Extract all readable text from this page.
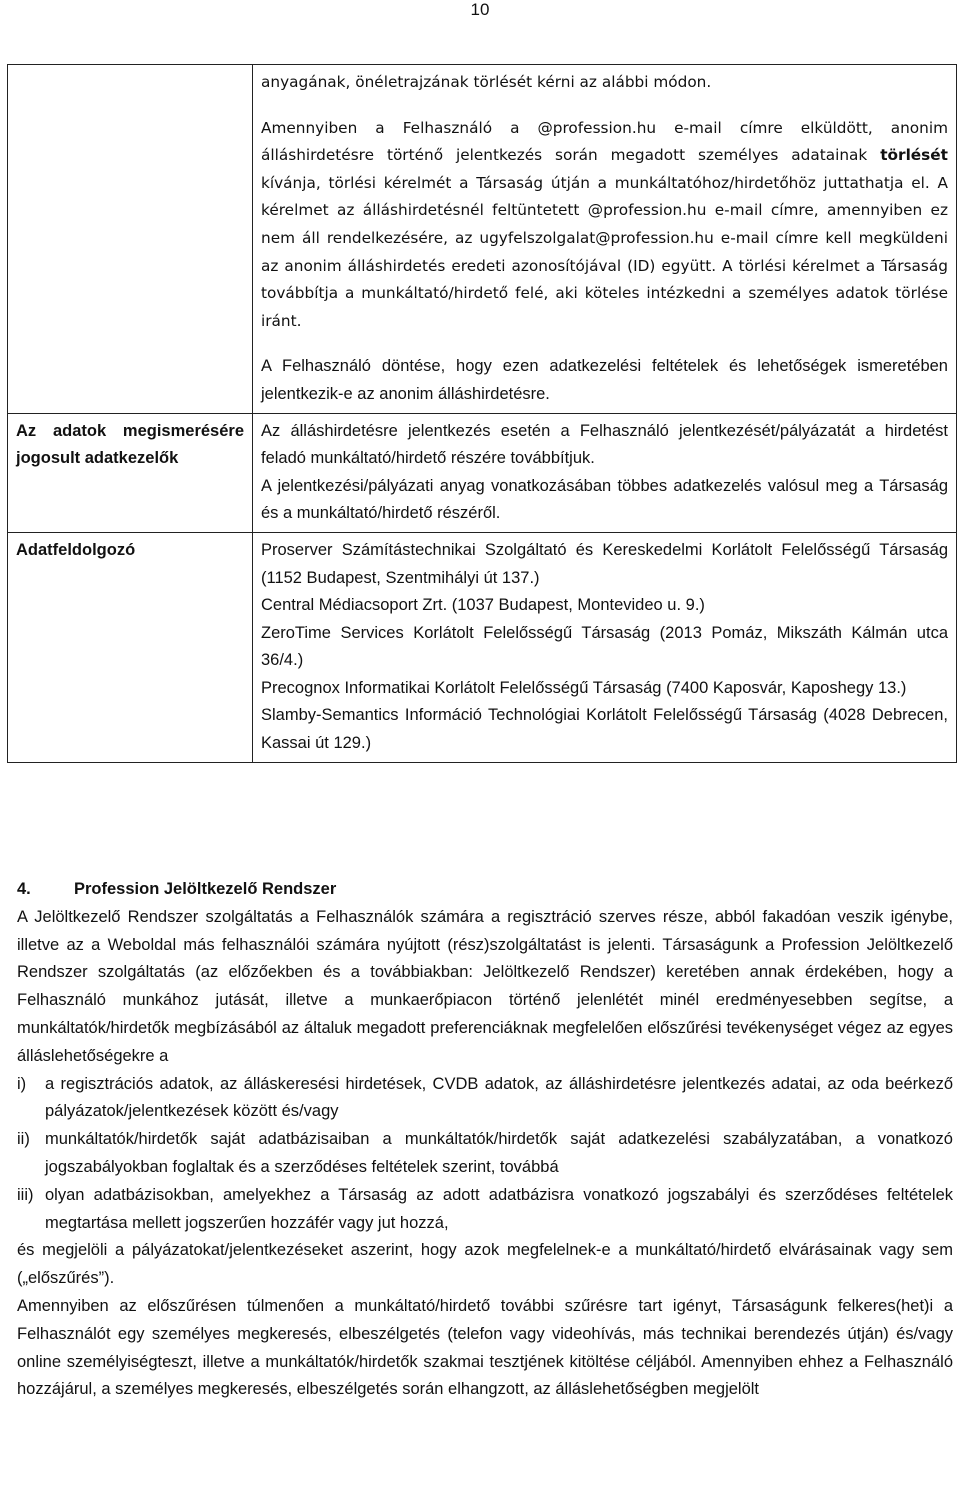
10

	anyagának, önéletrajzának törlését kérni az alábbi módon.

Amennyiben a Felhasználó a @profession.hu e-mail címre elküldött, anonim álláshirdetésre történő jelentkezés során megadott személyes adatainak törlését kívánja, törlési kérelmét a Társaság útján a munkáltatóhoz/hirdetőhöz juttathatja el. A kérelmet az álláshirdetésnél feltüntetett @profession.hu e-mail címre, amennyiben ez nem áll rendelkezésére, az ugyfelszolgalat@profession.hu e-mail címre kell megküldeni az anonim álláshirdetés eredeti azonosítójával (ID) együtt. A törlési kérelmet a Társaság továbbítja a munkáltató/hirdető felé, aki köteles intézkedni a személyes adatok törlése iránt.

A Felhasználó döntése, hogy ezen adatkezelési feltételek és lehetőségek ismeretében jelentkezik-e az anonim álláshirdetésre.

Az adatok megismerésére jogosult adatkezelők	Az álláshirdetésre jelentkezés esetén a Felhasználó jelentkezését/pályázatát a hirdetést feladó munkáltató/hirdető részére továbbítjuk.

A jelentkezési/pályázati anyag vonatkozásában többes adatkezelés valósul meg a Társaság és a munkáltató/hirdető részéről.

Adatfeldolgozó	Proserver Számítástechnikai Szolgáltató és Kereskedelmi Korlátolt Felelősségű Társaság (1152 Budapest, Szentmihályi út 137.)

Central Médiacsoport Zrt. (1037 Budapest, Montevideo u. 9.)

ZeroTime Services Korlátolt Felelősségű Társaság (2013 Pomáz, Mikszáth Kálmán utca 36/4.)

Precognox Informatikai Korlátolt Felelősségű Társaság (7400 Kaposvár, Kaposhegy 13.)

Slamby-Semantics Információ Technológiai Korlátolt Felelősségű Társaság (4028 Debrecen, Kassai út 129.)

4.	Profession Jelöltkezelő Rendszer

A Jelöltkezelő Rendszer szolgáltatás a Felhasználók számára a regisztráció szerves része, abból fakadóan veszik igénybe, illetve az a Weboldal más felhasználói számára nyújtott (rész)szolgáltatást is jelenti. Társaságunk a Profession Jelöltkezelő Rendszer szolgáltatás (az előzőekben és a továbbiakban: Jelöltkezelő Rendszer) keretében annak érdekében, hogy a Felhasználó munkához jutását, illetve a munkaerőpiacon történő jelenlétét minél eredményesebben segítse, a munkáltatók/hirdetők megbízásából az általuk megadott preferenciáknak megfelelően előszűrési tevékenységet végez az egyes álláslehetőségekre a

i) a regisztrációs adatok, az álláskeresési hirdetések, CVDB adatok, az álláshirdetésre jelentkezés adatai, az oda beérkező pályázatok/jelentkezések között és/vagy

ii) munkáltatók/hirdetők saját adatbázisaiban a munkáltatók/hirdetők saját adatkezelési szabályzatában, a vonatkozó jogszabályokban foglaltak és a szerződéses feltételek szerint, továbbá

iii) olyan adatbázisokban, amelyekhez a Társaság az adott adatbázisra vonatkozó jogszabályi és szerződéses feltételek megtartása mellett jogszerűen hozzáfér vagy jut hozzá,

és megjelöli a pályázatokat/jelentkezéseket aszerint, hogy azok megfelelnek-e a munkáltató/hirdető elvárásainak vagy sem („előszűrés”).

Amennyiben az előszűrésen túlmenően a munkáltató/hirdető további szűrésre tart igényt, Társaságunk felkeres(het)i a Felhasználót egy személyes megkeresés, elbeszélgetés (telefon vagy videohívás, más technikai berendezés útján) és/vagy online személyiségteszt, illetve a munkáltatók/hirdetők szakmai tesztjének kitöltése céljából. Amennyiben ehhez a Felhasználó hozzájárul, a személyes megkeresés, elbeszélgetés során elhangzott, az álláslehetőségben megjelölt
